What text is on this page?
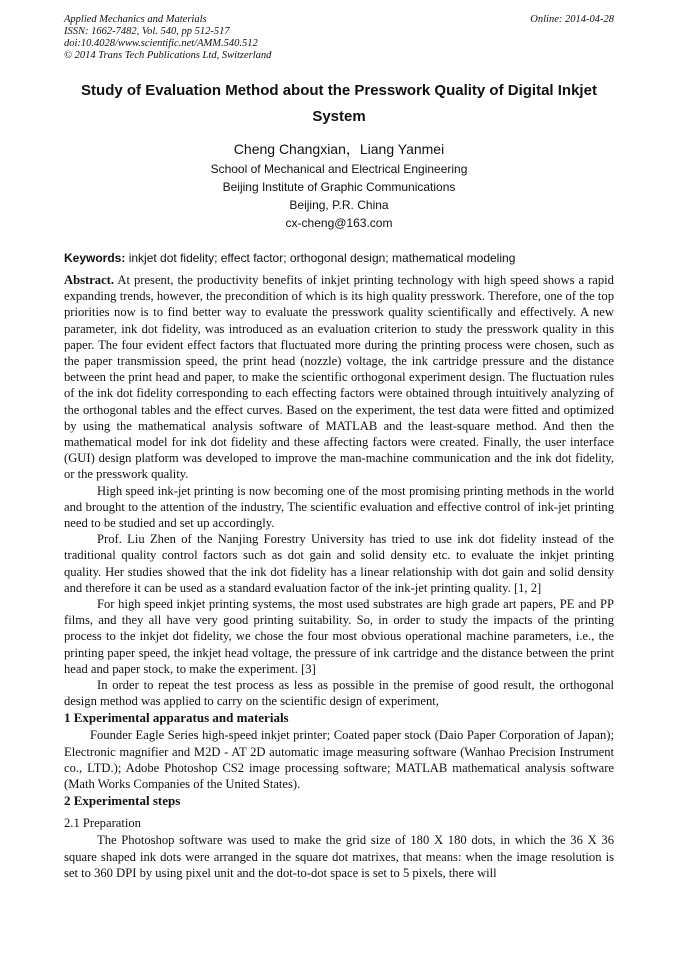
Applied Mechanics and Materials
ISSN: 1662-7482, Vol. 540, pp 512-517
doi:10.4028/www.scientific.net/AMM.540.512
© 2014 Trans Tech Publications Ltd, Switzerland
Online: 2014-04-28
Study of Evaluation Method about the Presswork Quality of Digital Inkjet System
Cheng Changxian，Liang Yanmei
School of Mechanical and Electrical Engineering
Beijing Institute of Graphic Communications
Beijing, P.R. China
cx-cheng@163.com
Keywords: inkjet dot fidelity; effect factor; orthogonal design; mathematical modeling
Abstract. At present, the productivity benefits of inkjet printing technology with high speed shows a rapid expanding trends, however, the precondition of which is its high quality presswork. Therefore, one of the top priorities now is to find better way to evaluate the presswork quality scientifically and effectively. A new parameter, ink dot fidelity, was introduced as an evaluation criterion to study the presswork quality in this paper. The four evident effect factors that fluctuated more during the printing process were chosen, such as the paper transmission speed, the print head (nozzle) voltage, the ink cartridge pressure and the distance between the print head and paper, to make the scientific orthogonal experiment design. The fluctuation rules of the ink dot fidelity corresponding to each effecting factors were obtained through intuitively analyzing of the orthogonal tables and the effect curves. Based on the experiment, the test data were fitted and optimized by using the mathematical analysis software of MATLAB and the least-square method. And then the mathematical model for ink dot fidelity and these affecting factors were created. Finally, the user interface (GUI) design platform was developed to improve the man-machine communication and the ink dot fidelity, or the presswork quality.

High speed ink-jet printing is now becoming one of the most promising printing methods in the world and brought to the attention of the industry, The scientific evaluation and effective control of ink-jet printing need to be studied and set up accordingly.

Prof. Liu Zhen of the Nanjing Forestry University has tried to use ink dot fidelity instead of the traditional quality control factors such as dot gain and solid density etc. to evaluate the inkjet printing quality. Her studies showed that the ink dot fidelity has a linear relationship with dot gain and solid density and therefore it can be used as a standard evaluation factor of the ink-jet printing quality. [1, 2]

For high speed inkjet printing systems, the most used substrates are high grade art papers, PE and PP films, and they all have very good printing suitability. So, in order to study the impacts of the printing process to the inkjet dot fidelity, we chose the four most obvious operational machine parameters, i.e., the printing paper speed, the inkjet head voltage, the pressure of ink cartridge and the distance between the print head and paper stock, to make the experiment. [3]

In order to repeat the test process as less as possible in the premise of good result, the orthogonal design method was applied to carry on the scientific design of experiment,

1 Experimental apparatus and materials

Founder Eagle Series high-speed inkjet printer; Coated paper stock (Daio Paper Corporation of Japan); Electronic magnifier and M2D - AT 2D automatic image measuring software (Wanhao Precision Instrument co., LTD.); Adobe Photoshop CS2 image processing software; MATLAB mathematical analysis software (Math Works Companies of the United States).

2 Experimental steps
2.1 Preparation

The Photoshop software was used to make the grid size of 180 X 180 dots, in which the 36 X 36 square shaped ink dots were arranged in the square dot matrixes, that means: when the image resolution is set to 360 DPI by using pixel unit and the dot-to-dot space is set to 5 pixels, there will
